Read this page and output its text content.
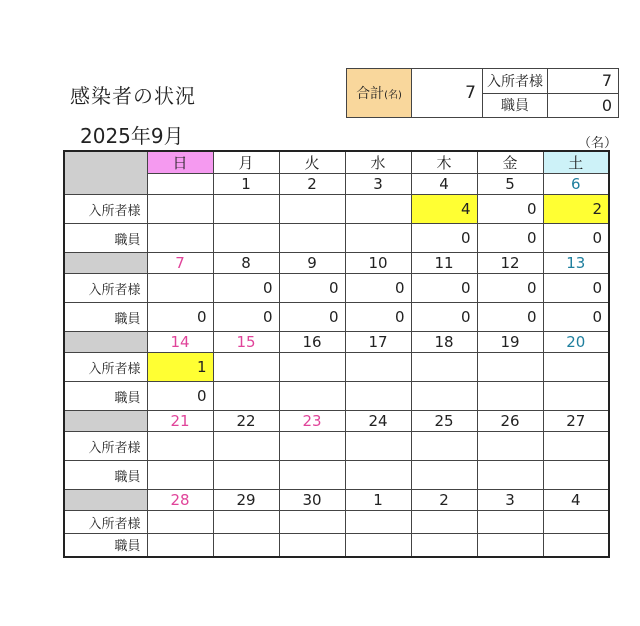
感染者の状況
2025年9月	（名）
合計(名)	7	入所者様	7
		職員	0
	日	月	火	水	木	金	土
		1	2	3	4	5	6
入所者様					4	0	2
職員					0	0	0
	7	8	9	10	11	12	13
入所者様		0	0	0	0	0	0
職員	0	0	0	0	0	0	0
	14	15	16	17	18	19	20
入所者様	1						
職員	0						
	21	22	23	24	25	26	27
入所者様							
職員							
	28	29	30	1	2	3	4
入所者様							
職員							
